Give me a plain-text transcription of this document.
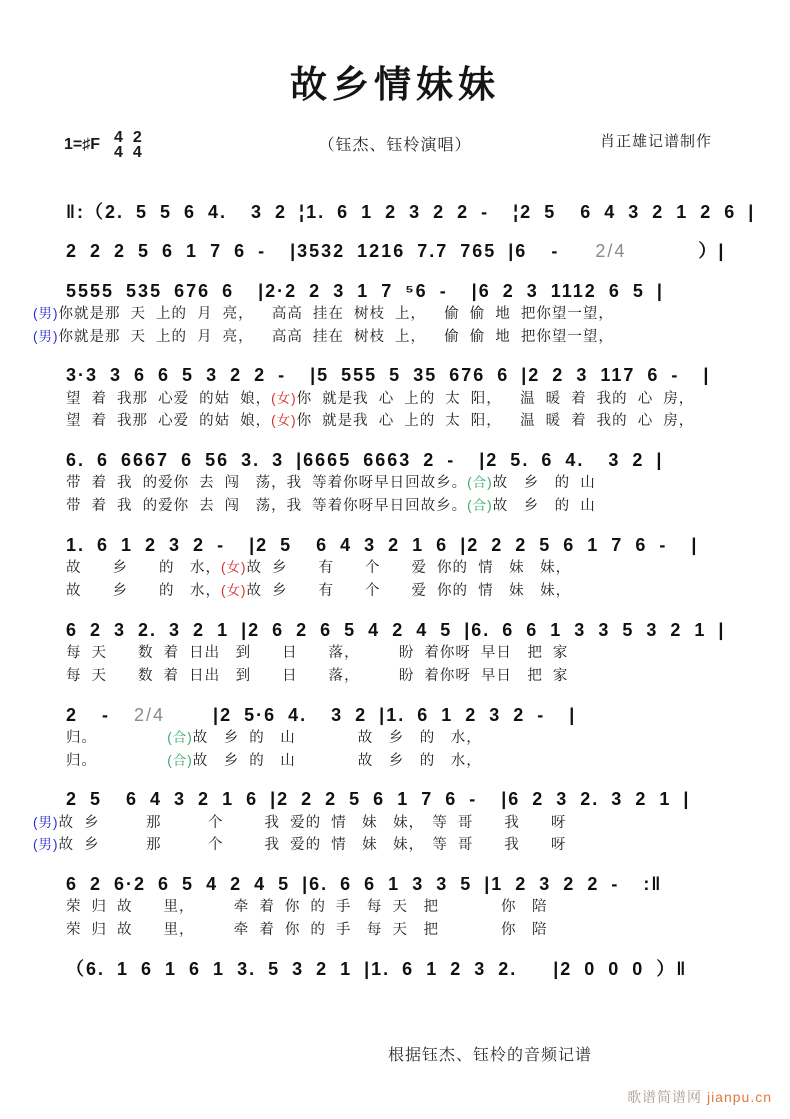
故乡情妹妹
1=♯F 4
4
2
4	（钰杰、钰柃演唱）	肖正雄记谱制作
‖:（2. 5 5 6 4.  3 2 ¦1. 6 1 2 3 2 2 -  ¦2 5  6 4 3 2 1 2 6 |
2 2 2 5 6 1 7 6 -  |3532 1216 7.7 765 |6  -   2/4      ）|
5555 535 676 6  |2·2 2 3 1 7 ⁵6 -  |6 2 3 1112 6 5 |
(男)你就是那 天 上的 月 亮，　 高高 挂在 树枝 上，　 偷 偷 地 把你望一望，
(男)你就是那 天 上的 月 亮，　 高高 挂在 树枝 上，　 偷 偷 地 把你望一望，
3·3 3 6 6 5 3 2 2 -  |5 555 5 35 676 6 |2 2 3 117 6 -  |
望 着 我那 心爱 的姑 娘，(女)你 就是我 心 上的 太 阳，　 温 暖 着 我的 心 房，
望 着 我那 心爱 的姑 娘，(女)你 就是我 心 上的 太 阳，　 温 暖 着 我的 心 房，
6. 6 6667 6 56 3. 3 |6665 6663 2 -  |2 5. 6 4.  3 2 |
带 着 我 的爱你 去 闯　荡，我 等着你呀早日回故乡。(合)故　乡　的 山
带 着 我 的爱你 去 闯　荡，我 等着你呀早日回故乡。(合)故　乡　的 山
1. 6 1 2 3 2 -  |2 5  6 4 3 2 1 6 |2 2 2 5 6 1 7 6 -  |
故　　乡　　的　水，(女)故 乡　　有　　个　　爱 你的 情　妹　妹，
故　　乡　　的　水，(女)故 乡　　有　　个　　爱 你的 情　妹　妹，
6 2 3 2. 3 2 1 |2 6 2 6 5 4 2 4 5 |6. 6 6 1 3 3 5 3 2 1 |
每 天　　数 着 日出　到　　日　　落，　　　盼 着你呀 早日　把 家
每 天　　数 着 日出　到　　日　　落，　　　盼 着你呀 早日　把 家
2  -  2/4    |2 5·6 4.  3 2 |1. 6 1 2 3 2 -  |
归。　　　　　(合)故　乡 的　山　　　　故　乡　的　水，
归。　　　　　(合)故　乡 的　山　　　　故　乡　的　水，
2 5  6 4 3 2 1 6 |2 2 2 5 6 1 7 6 -  |6 2 3 2. 3 2 1 |
(男)故 乡　　　那　　　个　　 我 爱的 情　妹　妹，　等 哥　　我　　呀
(男)故 乡　　　那　　　个　　 我 爱的 情　妹　妹，　等 哥　　我　　呀
6 2 6·2 6 5 4 2 4 5 |6. 6 6 1 3 3 5 |1 2 3 2 2 -  :‖
荣 归 故　　里，　　　牵 着 你 的 手　每 天　把　　　　你　陪
荣 归 故　　里，　　　牵 着 你 的 手　每 天　把　　　　你　陪
（6. 1 6 1 6 1 3. 5 3 2 1 |1. 6 1 2 3 2.   |2 0 0 0 ）‖
根据钰杰、钰柃的音频记谱
歌谱简谱网 jianpu.cn
